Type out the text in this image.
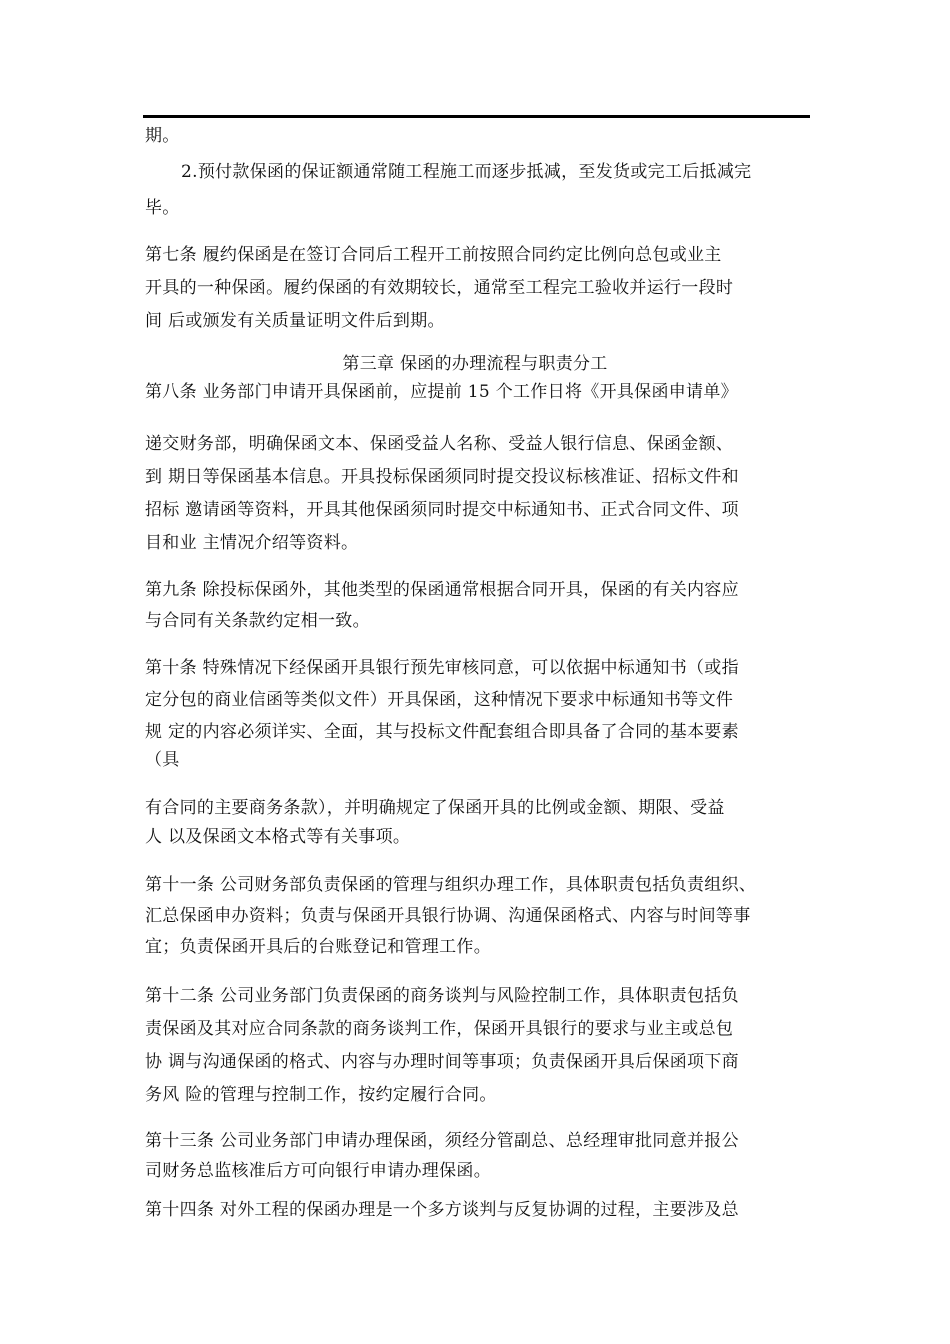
期。
2.预付款保函的保证额通常随工程施工而逐步抵减，至发货或完工后抵减完
毕。
第七条 履约保函是在签订合同后工程开工前按照合同约定比例向总包或业主
开具的一种保函。履约保函的有效期较长，通常至工程完工验收并运行一段时
间 后或颁发有关质量证明文件后到期。
第三章 保函的办理流程与职责分工
第八条 业务部门申请开具保函前，应提前 15 个工作日将《开具保函申请单》
递交财务部，明确保函文本、保函受益人名称、受益人银行信息、保函金额、
到 期日等保函基本信息。开具投标保函须同时提交投议标核准证、招标文件和
招标 邀请函等资料，开具其他保函须同时提交中标通知书、正式合同文件、项
目和业 主情况介绍等资料。
第九条 除投标保函外，其他类型的保函通常根据合同开具，保函的有关内容应
与合同有关条款约定相一致。
第十条 特殊情况下经保函开具银行预先审核同意，可以依据中标通知书（或指
定分包的商业信函等类似文件）开具保函，这种情况下要求中标通知书等文件
规 定的内容必须详实、全面，其与投标文件配套组合即具备了合同的基本要素
（具
有合同的主要商务条款），并明确规定了保函开具的比例或金额、期限、受益
人 以及保函文本格式等有关事项。
第十一条 公司财务部负责保函的管理与组织办理工作，具体职责包括负责组织、
汇总保函申办资料；负责与保函开具银行协调、沟通保函格式、内容与时间等事
宜；负责保函开具后的台账登记和管理工作。
第十二条 公司业务部门负责保函的商务谈判与风险控制工作，具体职责包括负
责保函及其对应合同条款的商务谈判工作，保函开具银行的要求与业主或总包
协 调与沟通保函的格式、内容与办理时间等事项；负责保函开具后保函项下商
务风 险的管理与控制工作，按约定履行合同。
第十三条 公司业务部门申请办理保函，须经分管副总、总经理审批同意并报公
司财务总监核准后方可向银行申请办理保函。
第十四条 对外工程的保函办理是一个多方谈判与反复协调的过程，主要涉及总
